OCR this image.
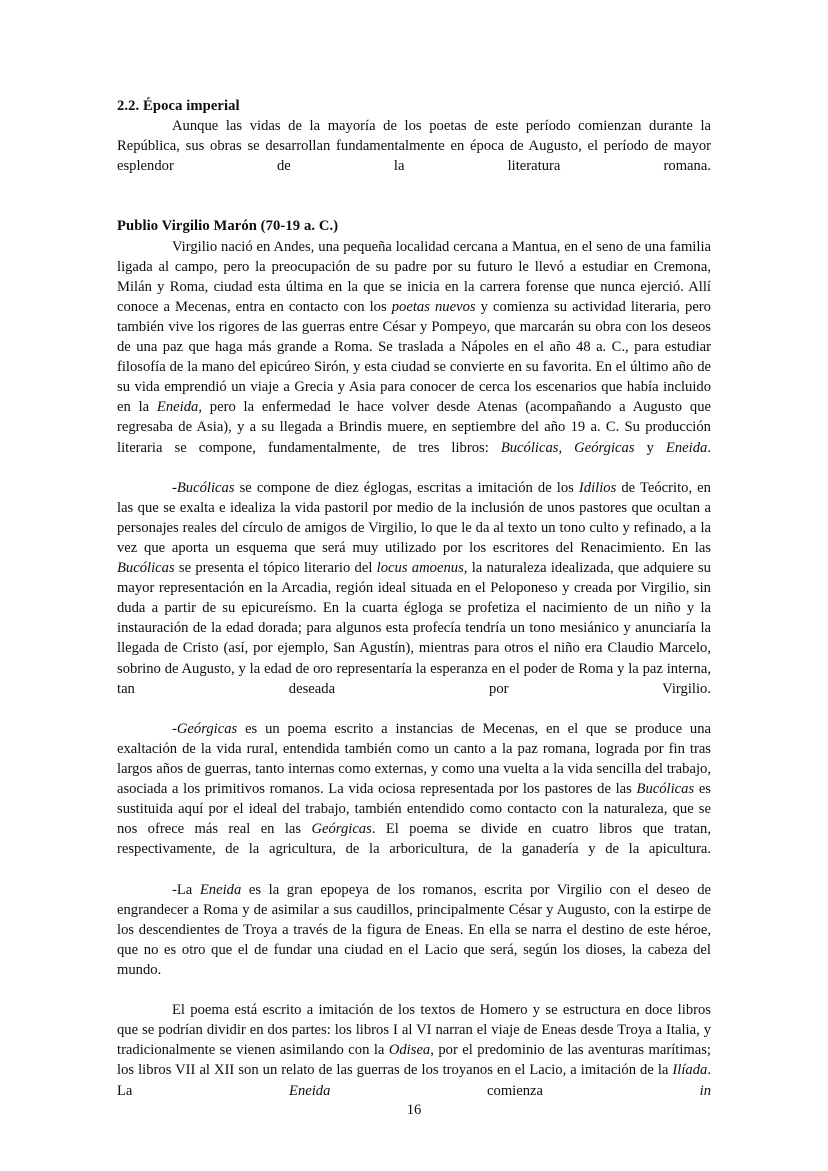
2.2. Época imperial

Aunque las vidas de la mayoría de los poetas de este período comienzan durante la República, sus obras se desarrollan fundamentalmente en época de Augusto, el período de mayor esplendor de la literatura romana.

Publio Virgilio Marón (70-19 a. C.)

Virgilio nació en Andes, una pequeña localidad cercana a Mantua, en el seno de una familia ligada al campo, pero la preocupación de su padre por su futuro le llevó a estudiar en Cremona, Milán y Roma, ciudad esta última en la que se inicia en la carrera forense que nunca ejerció. Allí conoce a Mecenas, entra en contacto con los poetas nuevos y comienza su actividad literaria, pero también vive los rigores de las guerras entre César y Pompeyo, que marcarán su obra con los deseos de una paz que haga más grande a Roma. Se traslada a Nápoles en el año 48 a. C., para estudiar filosofía de la mano del epicúreo Sirón, y esta ciudad se convierte en su favorita. En el último año de su vida emprendió un viaje a Grecia y Asia para conocer de cerca los escenarios que había incluido en la Eneida, pero la enfermedad le hace volver desde Atenas (acompañando a Augusto que regresaba de Asia), y a su llegada a Brindis muere, en septiembre del año 19 a. C. Su producción literaria se compone, fundamentalmente, de tres libros: Bucólicas, Geórgicas y Eneida.

-Bucólicas se compone de diez églogas, escritas a imitación de los Idilios de Teócrito, en las que se exalta e idealiza la vida pastoril por medio de la inclusión de unos pastores que ocultan a personajes reales del círculo de amigos de Virgilio, lo que le da al texto un tono culto y refinado, a la vez que aporta un esquema que será muy utilizado por los escritores del Renacimiento. En las Bucólicas se presenta el tópico literario del locus amoenus, la naturaleza idealizada, que adquiere su mayor representación en la Arcadia, región ideal situada en el Peloponeso y creada por Virgilio, sin duda a partir de su epicureísmo. En la cuarta égloga se profetiza el nacimiento de un niño y la instauración de la edad dorada; para algunos esta profecía tendría un tono mesiánico y anunciaría la llegada de Cristo (así, por ejemplo, San Agustín), mientras para otros el niño era Claudio Marcelo, sobrino de Augusto, y la edad de oro representaría la esperanza en el poder de Roma y la paz interna, tan deseada por Virgilio.

-Geórgicas es un poema escrito a instancias de Mecenas, en el que se produce una exaltación de la vida rural, entendida también como un canto a la paz romana, lograda por fin tras largos años de guerras, tanto internas como externas, y como una vuelta a la vida sencilla del trabajo, asociada a los primitivos romanos. La vida ociosa representada por los pastores de las Bucólicas es sustituida aquí por el ideal del trabajo, también entendido como contacto con la naturaleza, que se nos ofrece más real en las Geórgicas. El poema se divide en cuatro libros que tratan, respectivamente, de la agricultura, de la arboricultura, de la ganadería y de la apicultura.

-La Eneida es la gran epopeya de los romanos, escrita por Virgilio con el deseo de engrandecer a Roma y de asimilar a sus caudillos, principalmente César y Augusto, con la estirpe de los descendientes de Troya a través de la figura de Eneas. En ella se narra el destino de este héroe, que no es otro que el de fundar una ciudad en el Lacio que será, según los dioses, la cabeza del mundo.

El poema está escrito a imitación de los textos de Homero y se estructura en doce libros que se podrían dividir en dos partes: los libros I al VI narran el viaje de Eneas desde Troya a Italia, y tradicionalmente se vienen asimilando con la Odisea, por el predominio de las aventuras marítimas; los libros VII al XII son un relato de las guerras de los troyanos en el Lacio, a imitación de la Ilíada. La Eneida comienza in

16
